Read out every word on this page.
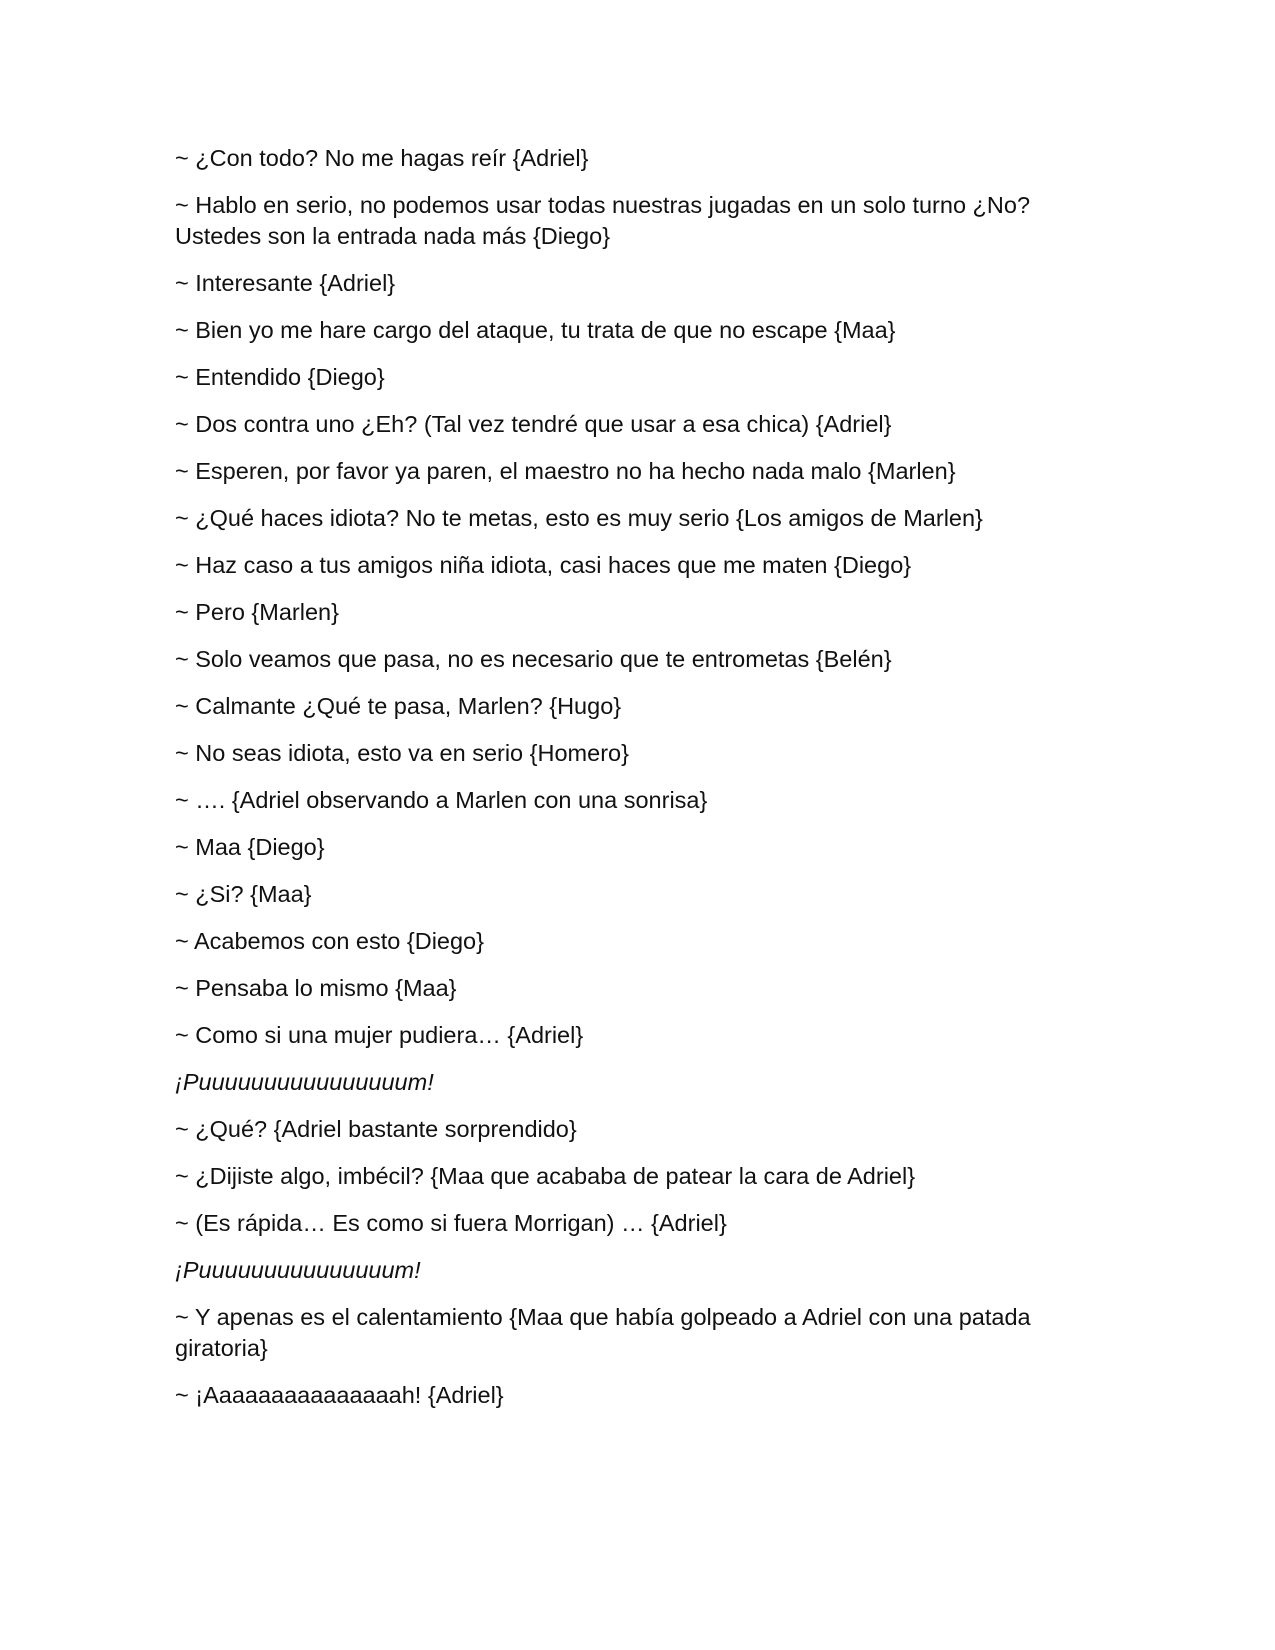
~ ¿Con todo? No me hagas reír {Adriel}

~ Hablo en serio, no podemos usar todas nuestras jugadas en un solo turno ¿No? Ustedes son la entrada nada más {Diego}

~ Interesante {Adriel}

~ Bien yo me hare cargo del ataque, tu trata de que no escape {Maa}

~ Entendido {Diego}

~ Dos contra uno ¿Eh? (Tal vez tendré que usar a esa chica) {Adriel}

~ Esperen, por favor ya paren, el maestro no ha hecho nada malo {Marlen}

~ ¿Qué haces idiota? No te metas, esto es muy serio {Los amigos de Marlen}

~ Haz caso a tus amigos niña idiota, casi haces que me maten {Diego}

~ Pero {Marlen}

~ Solo veamos que pasa, no es necesario que te entrometas {Belén}

~ Calmante ¿Qué te pasa, Marlen? {Hugo}

~ No seas idiota, esto va en serio {Homero}

~ …. {Adriel observando a Marlen con una sonrisa}

~ Maa {Diego}

~ ¿Si? {Maa}

~ Acabemos con esto {Diego}

~ Pensaba lo mismo {Maa}

~ Como si una mujer pudiera… {Adriel}

¡Puuuuuuuuuuuuuuuum!

~ ¿Qué? {Adriel bastante sorprendido}

~ ¿Dijiste algo, imbécil? {Maa que acababa de patear la cara de Adriel}

~ (Es rápida… Es como si fuera Morrigan) … {Adriel}

¡Puuuuuuuuuuuuuuum!

~ Y apenas es el calentamiento {Maa que había golpeado a Adriel con una patada giratoria}

~ ¡Aaaaaaaaaaaaaaah! {Adriel}
